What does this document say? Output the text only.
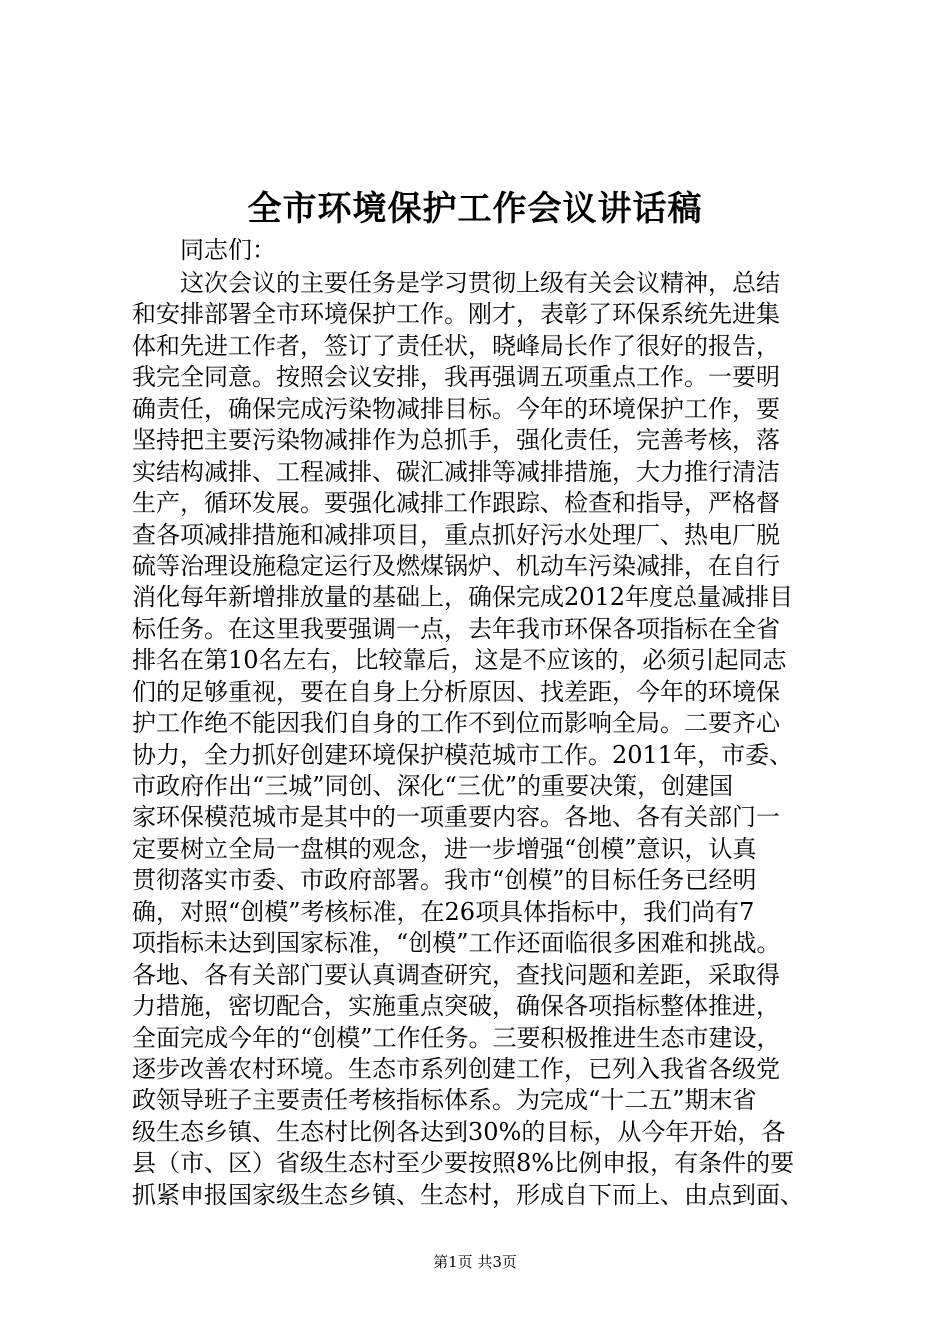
全市环境保护工作会议讲话稿

同志们：

这次会议的主要任务是学习贯彻上级有关会议精神，总结
和安排部署全市环境保护工作。刚才，表彰了环保系统先进集
体和先进工作者，签订了责任状，晓峰局长作了很好的报告，
我完全同意。按照会议安排，我再强调五项重点工作。一要明
确责任，确保完成污染物减排目标。今年的环境保护工作，要
坚持把主要污染物减排作为总抓手，强化责任，完善考核，落
实结构减排、工程减排、碳汇减排等减排措施，大力推行清洁
生产，循环发展。要强化减排工作跟踪、检查和指导，严格督
查各项减排措施和减排项目，重点抓好污水处理厂、热电厂脱
硫等治理设施稳定运行及燃煤锅炉、机动车污染减排，在自行
消化每年新增排放量的基础上，确保完成2012年度总量减排目
标任务。在这里我要强调一点，去年我市环保各项指标在全省
排名在第10名左右，比较靠后，这是不应该的，必须引起同志
们的足够重视，要在自身上分析原因、找差距，今年的环境保
护工作绝不能因我们自身的工作不到位而影响全局。二要齐心
协力，全力抓好创建环境保护模范城市工作。2011年，市委、
市政府作出“三城”同创、深化“三优”的重要决策，创建国
家环保模范城市是其中的一项重要内容。各地、各有关部门一
定要树立全局一盘棋的观念，进一步增强“创模”意识，认真
贯彻落实市委、市政府部署。我市“创模”的目标任务已经明
确，对照“创模”考核标准，在26项具体指标中，我们尚有7
项指标未达到国家标准，“创模”工作还面临很多困难和挑战。
各地、各有关部门要认真调查研究，查找问题和差距，采取得
力措施，密切配合，实施重点突破，确保各项指标整体推进，
全面完成今年的“创模”工作任务。三要积极推进生态市建设，
逐步改善农村环境。生态市系列创建工作，已列入我省各级党
政领导班子主要责任考核指标体系。为完成“十二五”期末省
级生态乡镇、生态村比例各达到30%的目标，从今年开始，各
县（市、区）省级生态村至少要按照8%比例申报，有条件的要
抓紧申报国家级生态乡镇、生态村，形成自下而上、由点到面、
第1页 共3页
